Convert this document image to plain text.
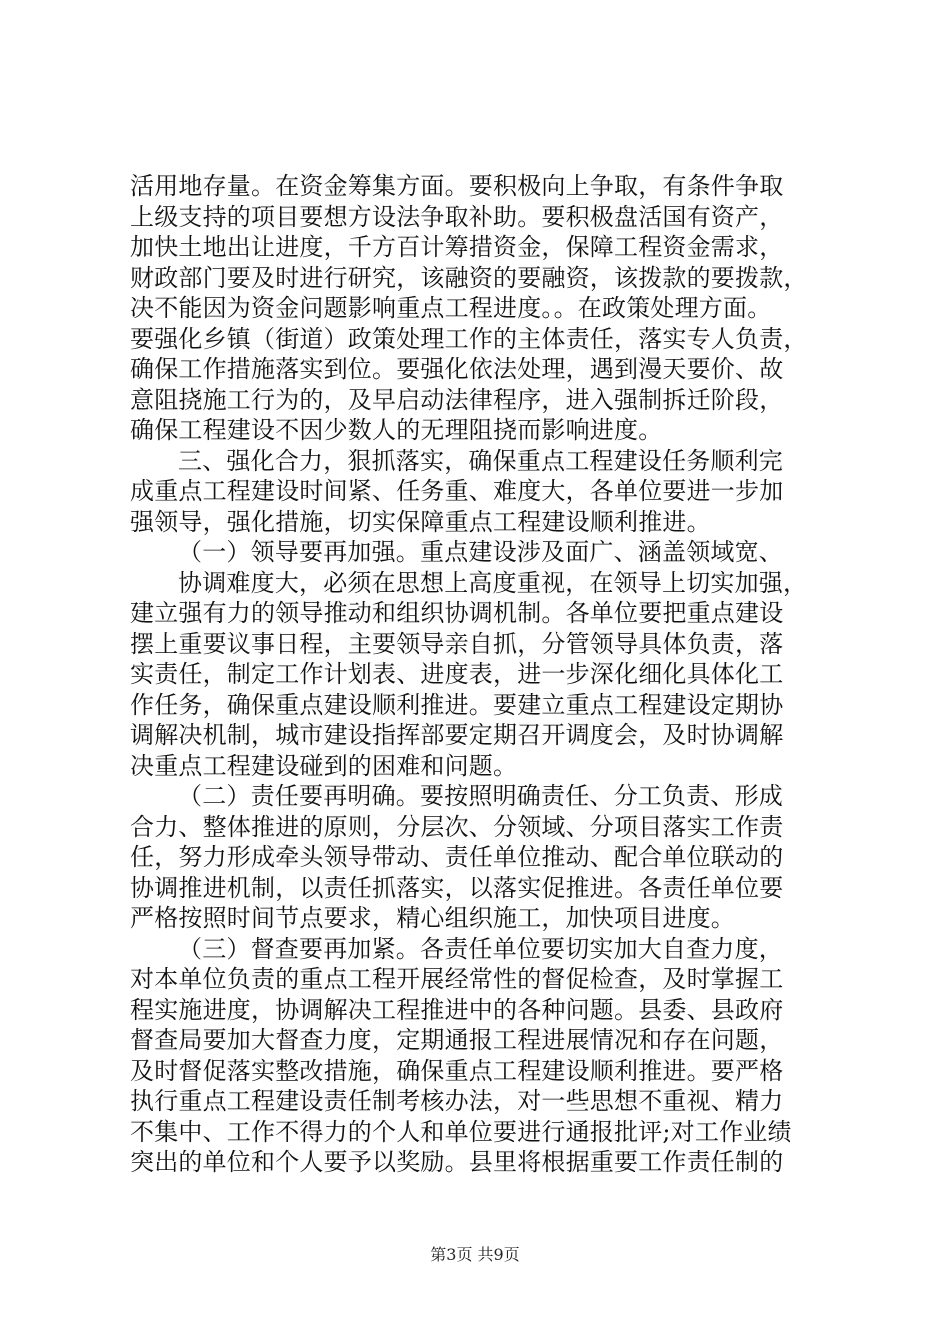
活用地存量。在资金筹集方面。要积极向上争取，有条件争取
上级支持的项目要想方设法争取补助。要积极盘活国有资产，
加快土地出让进度，千方百计筹措资金，保障工程资金需求，
财政部门要及时进行研究，该融资的要融资，该拨款的要拨款，
决不能因为资金问题影响重点工程进度。。在政策处理方面。
要强化乡镇（街道）政策处理工作的主体责任，落实专人负责，
确保工作措施落实到位。要强化依法处理，遇到漫天要价、故
意阻挠施工行为的，及早启动法律程序，进入强制拆迁阶段，
确保工程建设不因少数人的无理阻挠而影响进度。
三、强化合力，狠抓落实，确保重点工程建设任务顺利完
成重点工程建设时间紧、任务重、难度大，各单位要进一步加
强领导，强化措施，切实保障重点工程建设顺利推进。
（一）领导要再加强。重点建设涉及面广、涵盖领域宽、
协调难度大，必须在思想上高度重视，在领导上切实加强，
建立强有力的领导推动和组织协调机制。各单位要把重点建设
摆上重要议事日程，主要领导亲自抓，分管领导具体负责，落
实责任，制定工作计划表、进度表，进一步深化细化具体化工
作任务，确保重点建设顺利推进。要建立重点工程建设定期协
调解决机制，城市建设指挥部要定期召开调度会，及时协调解
决重点工程建设碰到的困难和问题。
（二）责任要再明确。要按照明确责任、分工负责、形成
合力、整体推进的原则，分层次、分领域、分项目落实工作责
任，努力形成牵头领导带动、责任单位推动、配合单位联动的
协调推进机制，以责任抓落实，以落实促推进。各责任单位要
严格按照时间节点要求，精心组织施工，加快项目进度。
（三）督查要再加紧。各责任单位要切实加大自查力度，
对本单位负责的重点工程开展经常性的督促检查，及时掌握工
程实施进度，协调解决工程推进中的各种问题。县委、县政府
督查局要加大督查力度，定期通报工程进展情况和存在问题，
及时督促落实整改措施，确保重点工程建设顺利推进。要严格
执行重点工程建设责任制考核办法，对一些思想不重视、精力
不集中、工作不得力的个人和单位要进行通报批评;对工作业绩
突出的单位和个人要予以奖励。县里将根据重要工作责任制的
第3页 共9页
